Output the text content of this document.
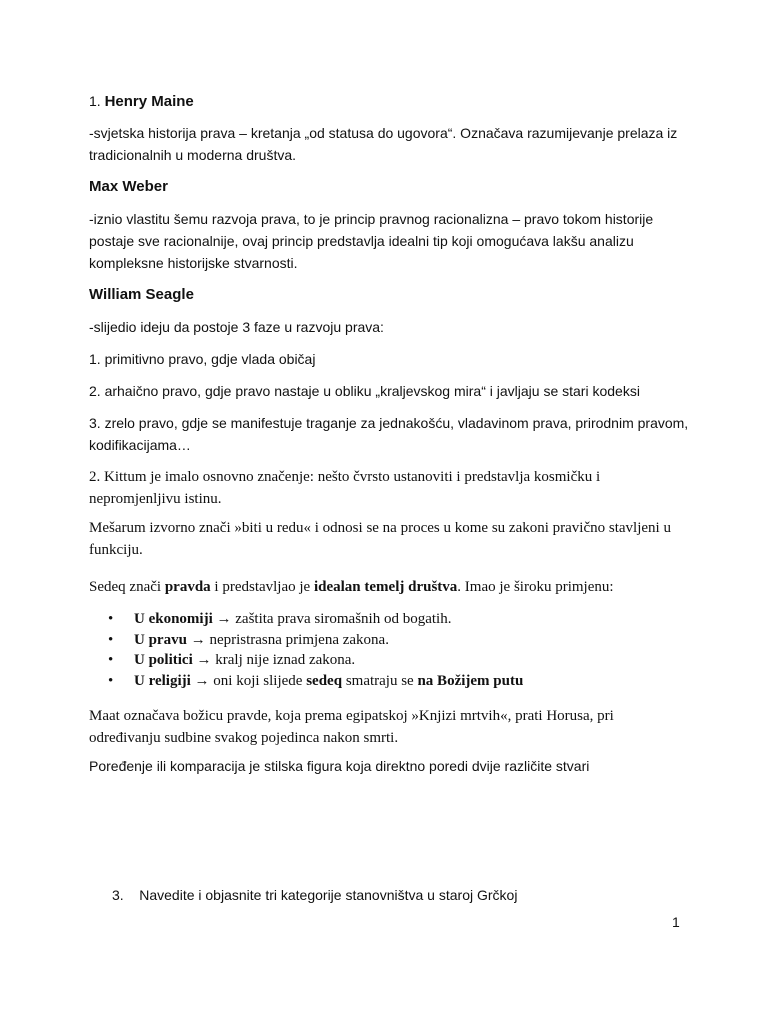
1. Henry Maine

-svjetska historija prava – kretanja „od statusa do ugovora“. Označava razumijevanje prelaza iz tradicionalnih u moderna društva.

Max Weber

-iznio vlastitu šemu razvoja prava, to je princip pravnog racionalizna – pravo tokom historije postaje sve racionalnije, ovaj princip predstavlja idealni tip koji omogućava lakšu analizu kompleksne historijske stvarnosti.

William Seagle

-slijedio ideju da postoje 3 faze u razvoju prava:

1. primitivno pravo, gdje vlada običaj

2. arhaično pravo, gdje pravo nastaje u obliku „kraljevskog mira“ i javljaju se stari kodeksi

3. zrelo pravo, gdje se manifestuje traganje za jednakošću, vladavinom prava, prirodnim pravom, kodifikacijama…

2. Kittum je imalo osnovno značenje: nešto čvrsto ustanoviti i predstavlja kosmičku i nepromjenljivu istinu.

Mešarum izvorno znači »biti u redu« i odnosi se na proces u kome su zakoni pravično stavljeni u funkciju.

Sedeq znači pravda i predstavljao je idealan temelj društva. Imao je široku primjenu:

• U ekonomiji → zaštita prava siromašnih od bogatih.
• U pravu → nepristrasna primjena zakona.
• U politici → kralj nije iznad zakona.
• U religiji → oni koji slijede sedeq smatraju se na Božijem putu

Maat označava božicu pravde, koja prema egipatskoj »Knjizi mrtvih«, prati Horusa, pri određivanju sudbine svakog pojedinca nakon smrti.

Poređenje ili komparacija je stilska figura koja direktno poredi dvije različite stvari

3. Navedite i objasnite tri kategorije stanovništva u staroj Grčkoj

1
